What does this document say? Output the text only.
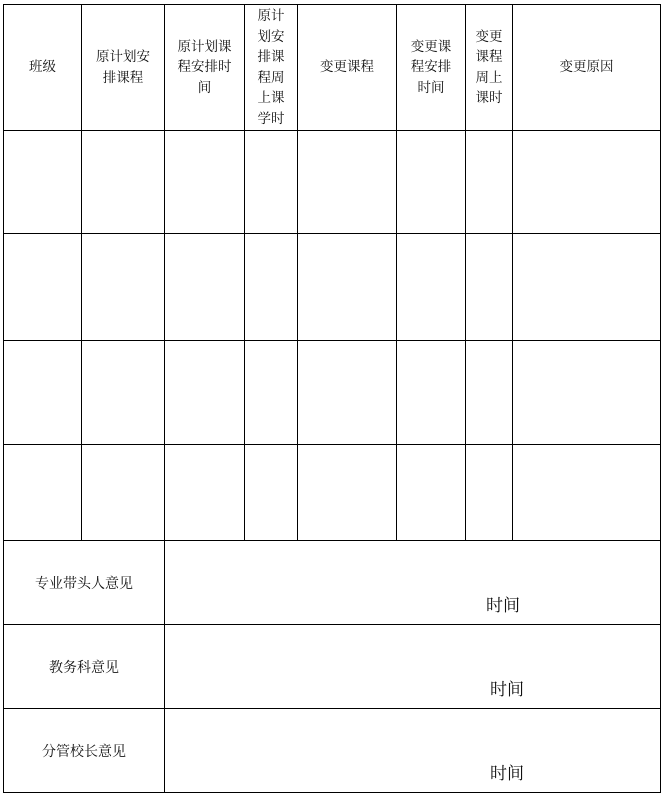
班级	原计划安排课程	原计划课程安排时间	原计划安排课程周上课学时	变更课程	变更课程安排时间	变更课程周上课时	变更原因

专业带头人意见		时间					

教务科意见		时间					

分管校长意见		时间					
